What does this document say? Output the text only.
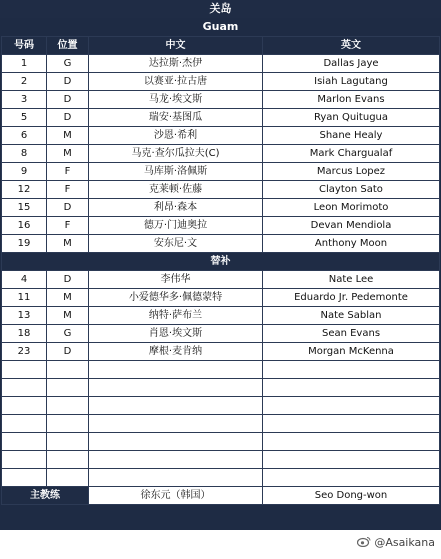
关岛
Guam
号码	位置	中文	英文
1	G	达拉斯·杰伊	Dallas Jaye
2	D	以赛亚·拉古唐	Isiah Lagutang
3	D	马龙·埃文斯	Marlon Evans
5	D	瑞安·基图瓜	Ryan Quitugua
6	M	沙恩·希利	Shane Healy
8	M	马克·查尔瓜拉夫(C)	Mark Chargualaf
9	F	马库斯·洛佩斯	Marcus Lopez
12	F	克莱顿·佐藤	Clayton Sato
15	D	利昂·森本	Leon Morimoto
16	F	德万·门迪奥拉	Devan Mendiola
19	M	安东尼·文	Anthony Moon
替补			
4	D	李伟华	Nate Lee
11	M	小爱德华多·佩德蒙特	Eduardo Jr. Pedemonte
13	M	纳特·萨布兰	Nate Sablan
18	G	肖恩·埃文斯	Sean Evans
23	D	摩根·麦肯纳	Morgan McKenna

主教练		徐东元（韩国）	Seo Dong-won
@Asaikana
